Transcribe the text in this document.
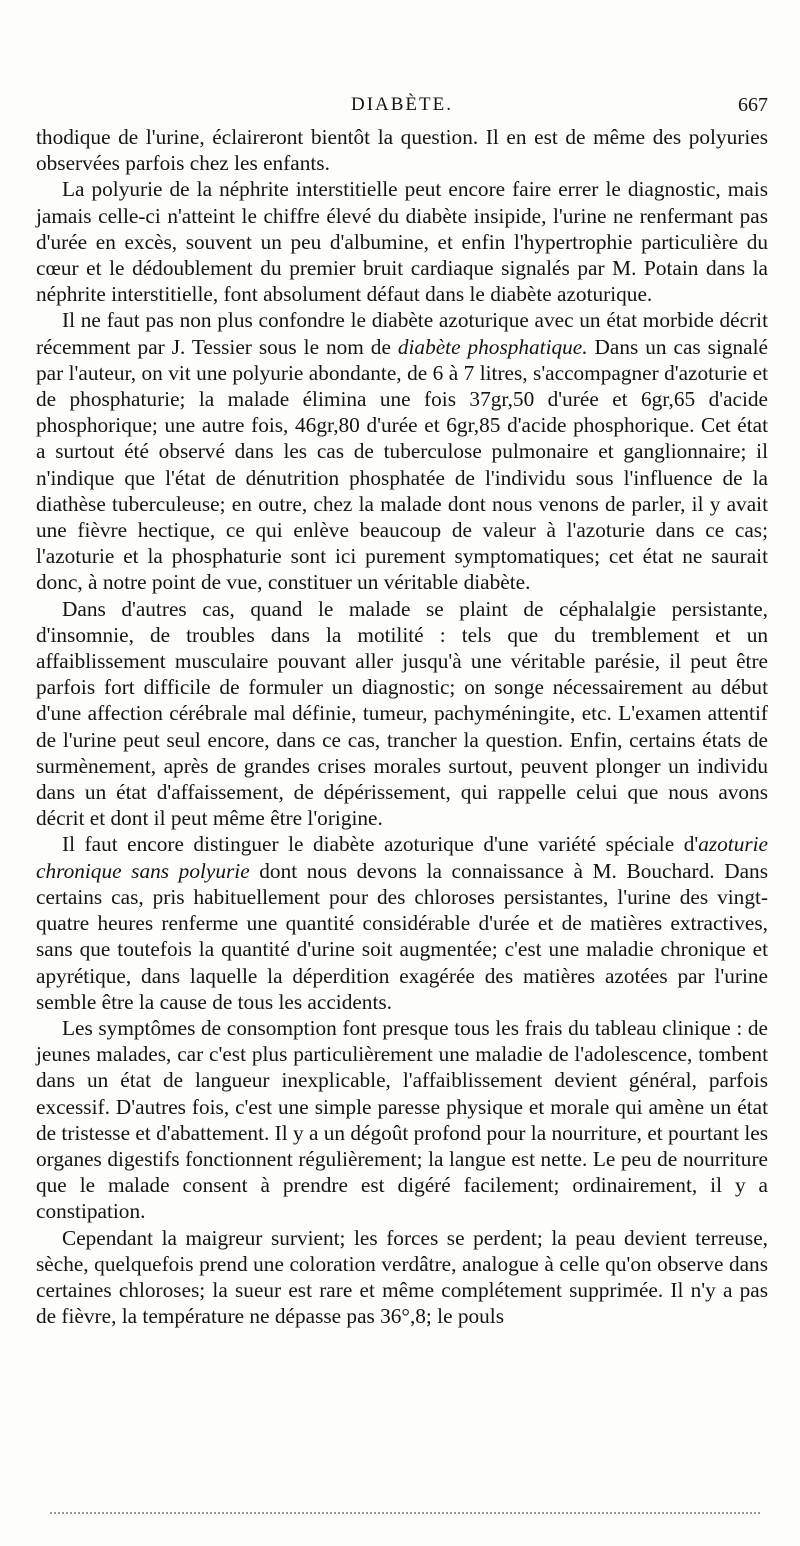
DIABÈTE.	667

thodique de l'urine, éclaireront bientôt la question. Il en est de même des polyuries observées parfois chez les enfants.

La polyurie de la néphrite interstitielle peut encore faire errer le diagnostic, mais jamais celle-ci n'atteint le chiffre élevé du diabète insipide, l'urine ne renfermant pas d'urée en excès, souvent un peu d'albumine, et enfin l'hypertrophie particulière du cœur et le dédoublement du premier bruit cardiaque signalés par M. Potain dans la néphrite interstitielle, font absolument défaut dans le diabète azoturique.

Il ne faut pas non plus confondre le diabète azoturique avec un état morbide décrit récemment par J. Tessier sous le nom de diabète phosphatique. Dans un cas signalé par l'auteur, on vit une polyurie abondante, de 6 à 7 litres, s'accompagner d'azoturie et de phosphaturie; la malade élimina une fois 37gr,50 d'urée et 6gr,65 d'acide phosphorique; une autre fois, 46gr,80 d'urée et 6gr,85 d'acide phosphorique. Cet état a surtout été observé dans les cas de tuberculose pulmonaire et ganglionnaire; il n'indique que l'état de dénutrition phosphatée de l'individu sous l'influence de la diathèse tuberculeuse; en outre, chez la malade dont nous venons de parler, il y avait une fièvre hectique, ce qui enlève beaucoup de valeur à l'azoturie dans ce cas; l'azoturie et la phosphaturie sont ici purement symptomatiques; cet état ne saurait donc, à notre point de vue, constituer un véritable diabète.

Dans d'autres cas, quand le malade se plaint de céphalalgie persistante, d'insomnie, de troubles dans la motilité : tels que du tremblement et un affaiblissement musculaire pouvant aller jusqu'à une véritable parésie, il peut être parfois fort difficile de formuler un diagnostic; on songe nécessairement au début d'une affection cérébrale mal définie, tumeur, pachyméningite, etc. L'examen attentif de l'urine peut seul encore, dans ce cas, trancher la question. Enfin, certains états de surmènement, après de grandes crises morales surtout, peuvent plonger un individu dans un état d'affaissement, de dépérissement, qui rappelle celui que nous avons décrit et dont il peut même être l'origine.

Il faut encore distinguer le diabète azoturique d'une variété spéciale d'azoturie chronique sans polyurie dont nous devons la connaissance à M. Bouchard. Dans certains cas, pris habituellement pour des chloroses persistantes, l'urine des vingt-quatre heures renferme une quantité considérable d'urée et de matières extractives, sans que toutefois la quantité d'urine soit augmentée; c'est une maladie chronique et apyrétique, dans laquelle la déperdition exagérée des matières azotées par l'urine semble être la cause de tous les accidents.

Les symptômes de consomption font presque tous les frais du tableau clinique : de jeunes malades, car c'est plus particulièrement une maladie de l'adolescence, tombent dans un état de langueur inexplicable, l'affaiblissement devient général, parfois excessif. D'autres fois, c'est une simple paresse physique et morale qui amène un état de tristesse et d'abattement. Il y a un dégoût profond pour la nourriture, et pourtant les organes digestifs fonctionnent régulièrement; la langue est nette. Le peu de nourriture que le malade consent à prendre est digéré facilement; ordinairement, il y a constipation.

Cependant la maigreur survient; les forces se perdent; la peau devient terreuse, sèche, quelquefois prend une coloration verdâtre, analogue à celle qu'on observe dans certaines chloroses; la sueur est rare et même complétement supprimée. Il n'y a pas de fièvre, la température ne dépasse pas 36°,8; le pouls
